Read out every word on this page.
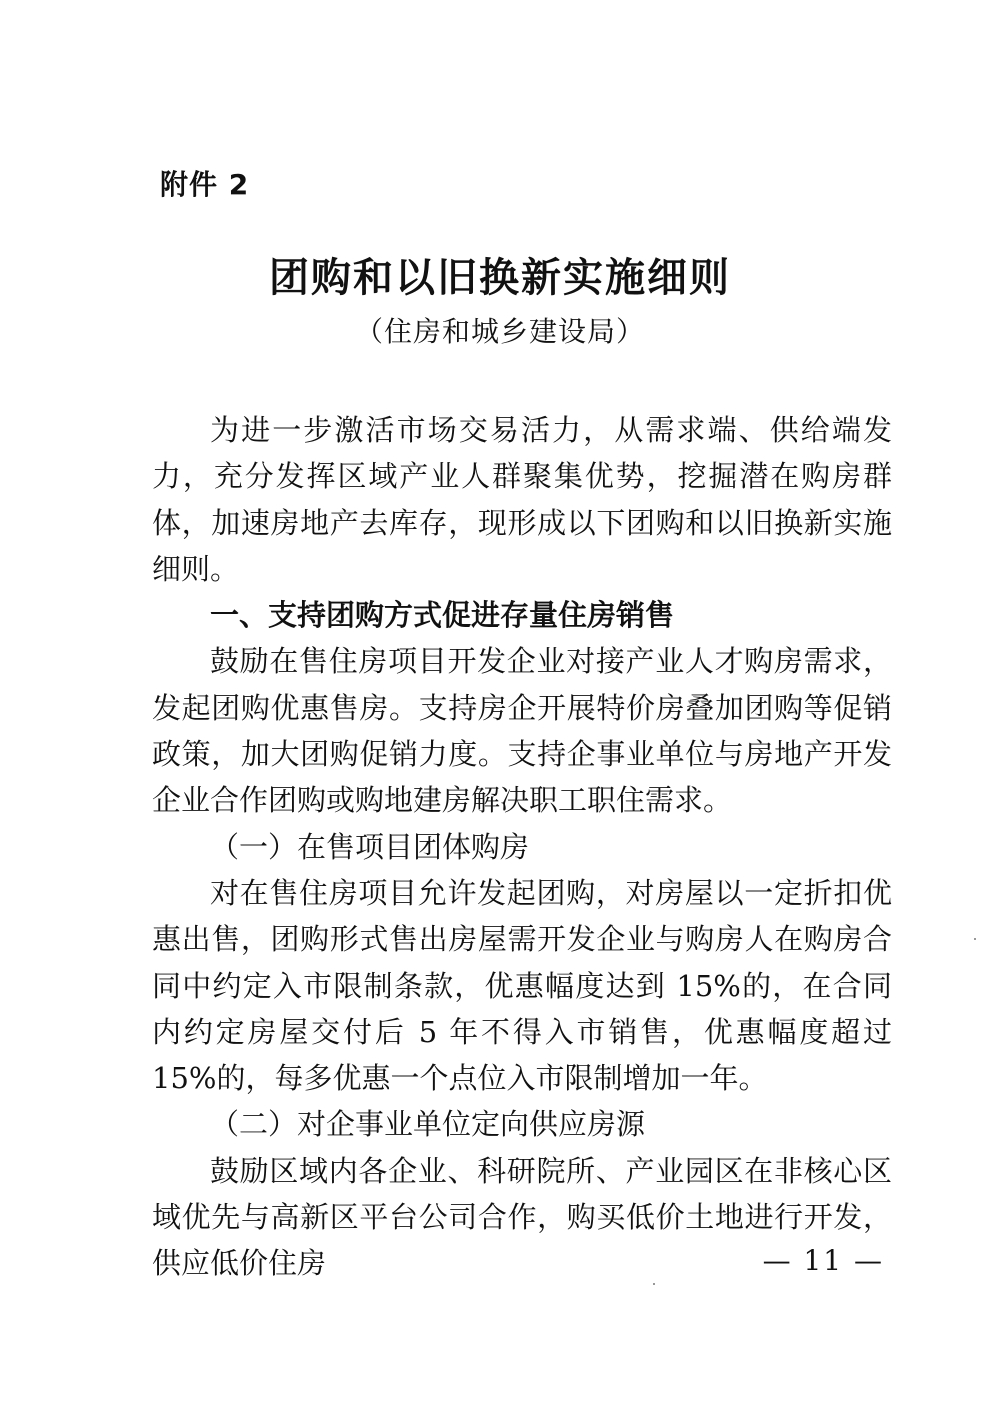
附件 2
团购和以旧换新实施细则
（住房和城乡建设局）

为进一步激活市场交易活力，从需求端、供给端发力，充分发挥区域产业人群聚集优势，挖掘潜在购房群体，加速房地产去库存，现形成以下团购和以旧换新实施细则。

一、支持团购方式促进存量住房销售

鼓励在售住房项目开发企业对接产业人才购房需求，发起团购优惠售房。支持房企开展特价房叠加团购等促销政策，加大团购促销力度。支持企事业单位与房地产开发企业合作团购或购地建房解决职工职住需求。

（一）在售项目团体购房

对在售住房项目允许发起团购，对房屋以一定折扣优惠出售，团购形式售出房屋需开发企业与购房人在购房合同中约定入市限制条款，优惠幅度达到 15%的，在合同内约定房屋交付后 5 年不得入市销售，优惠幅度超过 15%的，每多优惠一个点位入市限制增加一年。

（二）对企事业单位定向供应房源

鼓励区域内各企业、科研院所、产业园区在非核心区域优先与高新区平台公司合作，购买低价土地进行开发，供应低价住房	— 11 —
